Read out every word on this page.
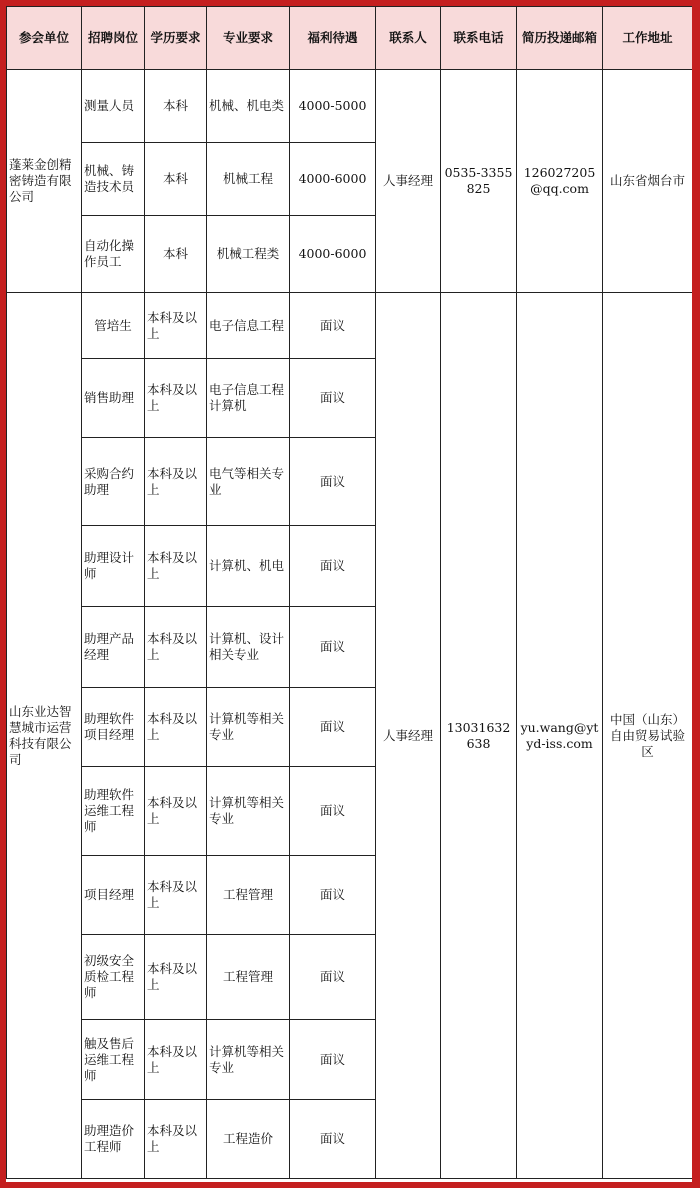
参会单位	招聘岗位	学历要求	专业要求	福利待遇	联系人	联系电话	简历投递邮箱	工作地址
蓬莱金创精密铸造有限公司	测量人员	本科	机械、机电类	4000-5000	人事经理	0535-3355825	126027205@qq.com	山东省烟台市
	机械、铸造技术员	本科	机械工程	4000-6000				
	自动化操作员工	本科	机械工程类	4000-6000				
山东业达智慧城市运营科技有限公司	管培生	本科及以上	电子信息工程	面议	人事经理	13031632638	yu.wang@ytyd-iss.com	中国（山东）自由贸易试验区
	销售助理	本科及以上	电子信息工程计算机	面议				
	采购合约助理	本科及以上	电气等相关专业	面议				
	助理设计师	本科及以上	计算机、机电	面议				
	助理产品经理	本科及以上	计算机、设计相关专业	面议				
	助理软件项目经理	本科及以上	计算机等相关专业	面议				
	助理软件运维工程师	本科及以上	计算机等相关专业	面议				
	项目经理	本科及以上	工程管理	面议				
	初级安全质检工程师	本科及以上	工程管理	面议				
	触及售后运维工程师	本科及以上	计算机等相关专业	面议				
	助理造价工程师	本科及以上	工程造价	面议				
